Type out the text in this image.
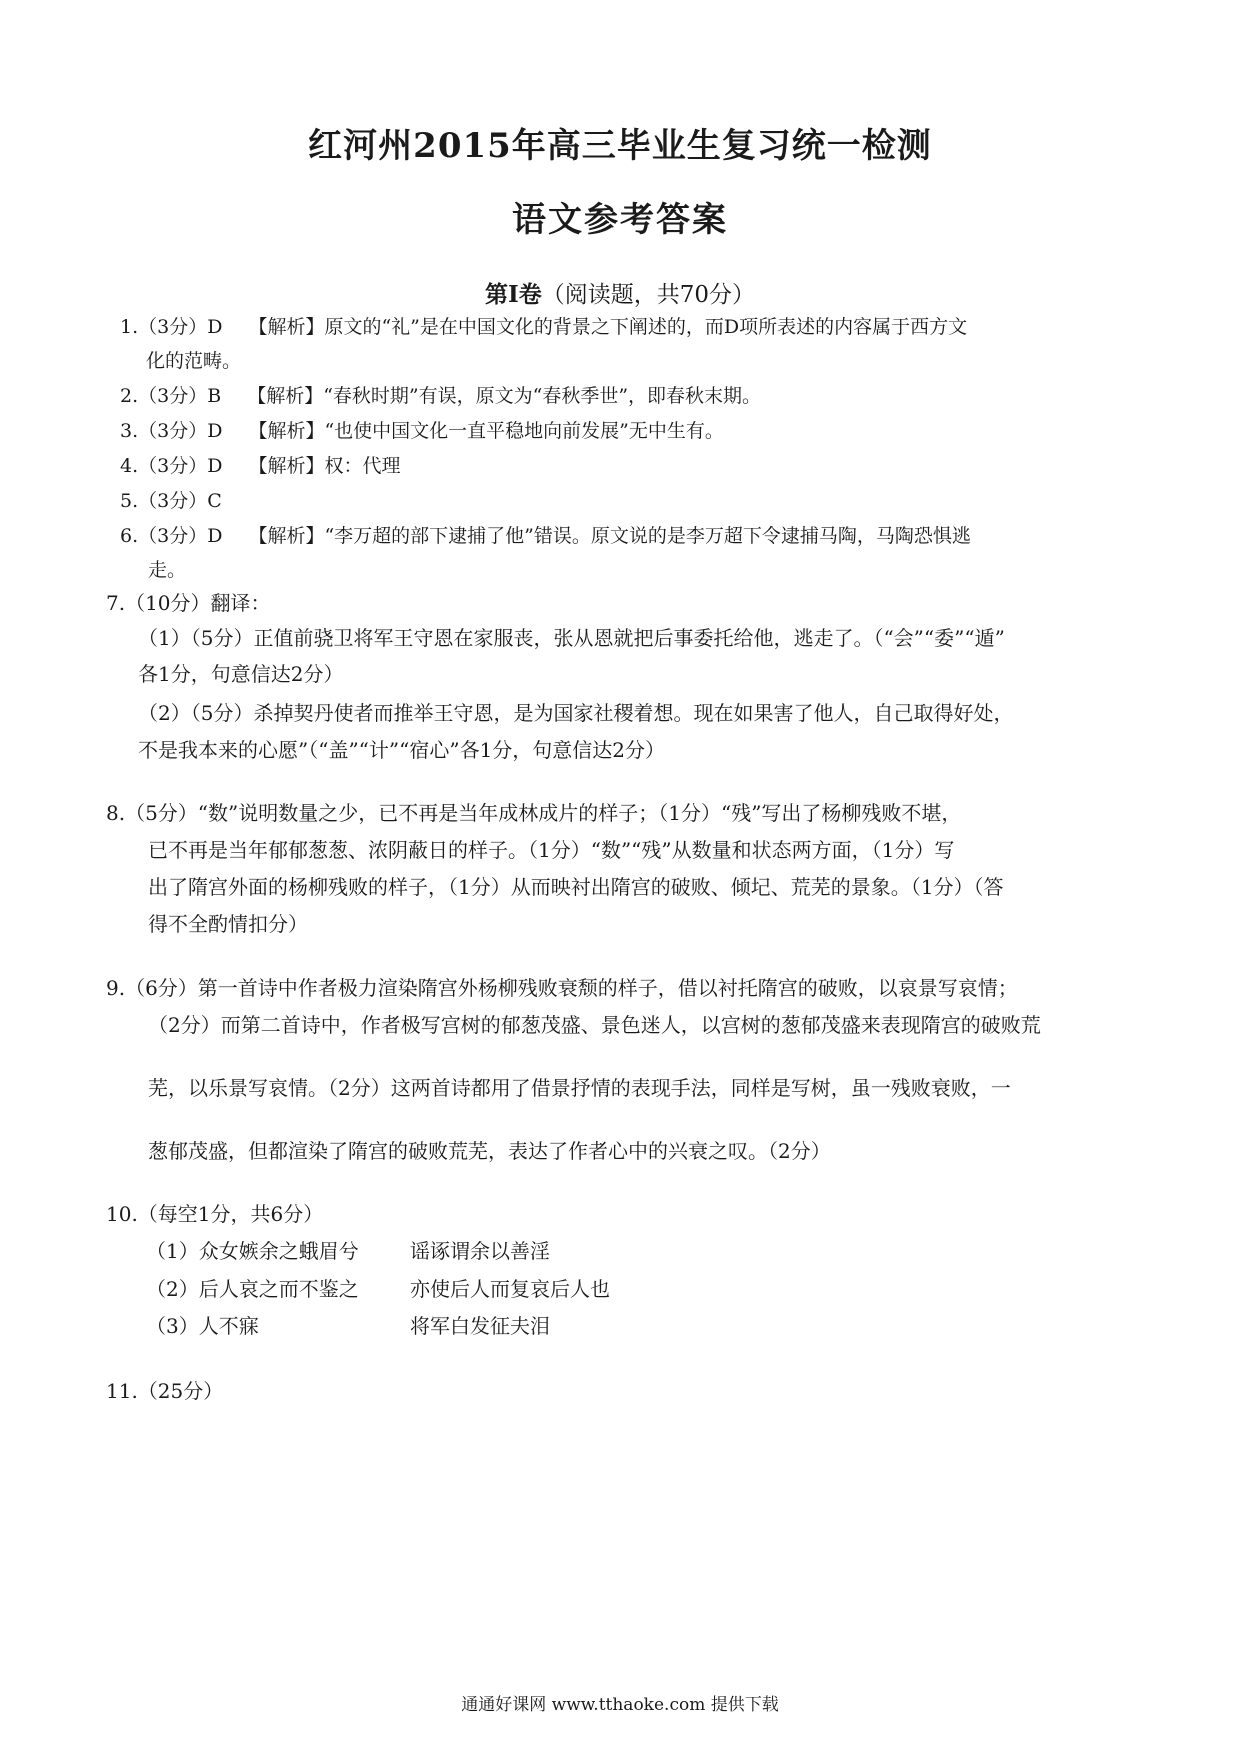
红河州2015年高三毕业生复习统一检测
语文参考答案
第Ⅰ卷（阅读题，共70分）
1.（3分）D 【解析】原文的“礼”是在中国文化的背景之下阐述的，而D项所表述的内容属于西方文
化的范畴。
2.（3分）B 【解析】“春秋时期”有误，原文为“春秋季世”，即春秋末期。
3.（3分）D 【解析】“也使中国文化一直平稳地向前发展”无中生有。
4.（3分）D 【解析】权：代理
5.（3分）C
6.（3分）D 【解析】“李万超的部下逮捕了他”错误。原文说的是李万超下令逮捕马陶，马陶恐惧逃
走。
7.（10分）翻译：
（1）（5分）正值前骁卫将军王守恩在家服丧，张从恩就把后事委托给他，逃走了。（“会”“委”“遁”
各1分，句意信达2分）
（2）（5分）杀掉契丹使者而推举王守恩，是为国家社稷着想。现在如果害了他人，自己取得好处，
不是我本来的心愿”（“盖”“计”“宿心”各1分，句意信达2分）
8.（5分）“数”说明数量之少，已不再是当年成林成片的样子；（1分）“残”写出了杨柳残败不堪，
已不再是当年郁郁葱葱、浓阴蔽日的样子。（1分）“数”“残”从数量和状态两方面，（1分）写
出了隋宫外面的杨柳残败的样子，（1分）从而映衬出隋宫的破败、倾圮、荒芜的景象。（1分）（答
得不全酌情扣分）
9.（6分）第一首诗中作者极力渲染隋宫外杨柳残败衰颓的样子，借以衬托隋宫的破败，以哀景写哀情；
（2分）而第二首诗中，作者极写宫树的郁葱茂盛、景色迷人，以宫树的葱郁茂盛来表现隋宫的破败荒
芜，以乐景写哀情。（2分）这两首诗都用了借景抒情的表现手法，同样是写树，虽一残败衰败，一
葱郁茂盛，但都渲染了隋宫的破败荒芜，表达了作者心中的兴衰之叹。（2分）
10.（每空1分，共6分）
（1）众女嫉余之蛾眉兮	谣诼谓余以善淫
（2）后人哀之而不鉴之	亦使后人而复哀后人也
（3）人不寐	将军白发征夫泪
11.（25分）
通通好课网 www.tthaoke.com 提供下载
